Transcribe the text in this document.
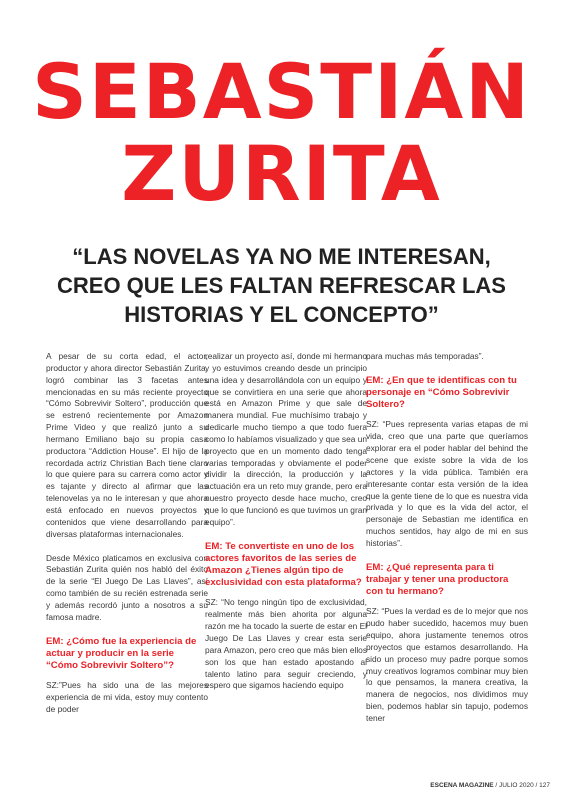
SEBASTIÁN
ZURITA
“LAS NOVELAS YA NO ME INTERESAN, CREO QUE LES FALTAN REFRESCAR LAS HISTORIAS Y EL CONCEPTO”

A pesar de su corta edad, el actor, productor y ahora director Sebastián Zurita, logró combinar las 3 facetas antes mencionadas en su más reciente proyecto “Cómo Sobrevivir Soltero”, producción que se estrenó recientemente por Amazon Prime Video y que realizó junto a su hermano Emiliano bajo su propia casa productora “Addiction House”. El hijo de la recordada actriz Christian Bach tiene claro lo que quiere para su carrera como actor y es tajante y directo al afirmar que las telenovelas ya no le interesan y que ahora está enfocado en nuevos proyectos y contenidos que viene desarrollando para diversas plataformas internacionales.

Desde México platicamos en exclusiva con Sebastián Zurita quién nos habló del éxito de la serie “El Juego De Las Llaves”, así como también de su recién estrenada serie y además recordó junto a nosotros a su famosa madre.

EM: ¿Cómo fue la experiencia de actuar y producir en la serie “Cómo Sobrevivir Soltero”?

SZ:”Pues ha sido una de las mejores experiencia de mi vida, estoy muy contento de poder

realizar un proyecto así, donde mi hermano y yo estuvimos creando desde un principio una idea y desarrollándola con un equipo y que se convirtiera en una serie que ahora está en Amazon Prime y que sale de manera mundial. Fue muchísimo trabajo y dedicarle mucho tiempo a que todo fuera como lo habíamos visualizado y que sea un proyecto que en un momento dado tenga varias temporadas y obviamente el poder dividir la dirección, la producción y la actuación era un reto muy grande, pero era nuestro proyecto desde hace mucho, creo que lo que funcionó es que tuvimos un gran equipo”.

EM: Te convertiste en uno de los actores favoritos de las series de Amazon ¿Tienes algún tipo de exclusividad con esta plataforma?

SZ: “No tengo ningún tipo de exclusividad, realmente más bien ahorita por alguna razón me ha tocado la suerte de estar en El Juego De Las Llaves y crear esta serie para Amazon, pero creo que más bien ellos son los que han estado apostando al talento latino para seguir creciendo, y espero que sigamos haciendo equipo

para muchas más temporadas”.

EM: ¿En que te identificas con tu personaje en “Cómo Sobrevivir Soltero?

SZ: “Pues representa varias etapas de mi vida, creo que una parte que queríamos explorar era el poder hablar del behind the scene que existe sobre la vida de los actores y la vida pública. También era interesante contar esta versión de la idea que la gente tiene de lo que es nuestra vida privada y lo que es la vida del actor, el personaje de Sebastian me identifica en muchos sentidos, hay algo de mi en sus historias”.

EM: ¿Qué representa para ti trabajar y tener una productora con tu hermano?

SZ: “Pues la verdad es de lo mejor que nos pudo haber sucedido, hacemos muy buen equipo, ahora justamente tenemos otros proyectos que estamos desarrollando. Ha sido un proceso muy padre porque somos muy creativos logramos combinar muy bien lo que pensamos, la manera creativa, la manera de negocios, nos dividimos muy bien, podemos hablar sin tapujo, podemos tener

ESCENA MAGAZINE / JULIO 2020 / 127
